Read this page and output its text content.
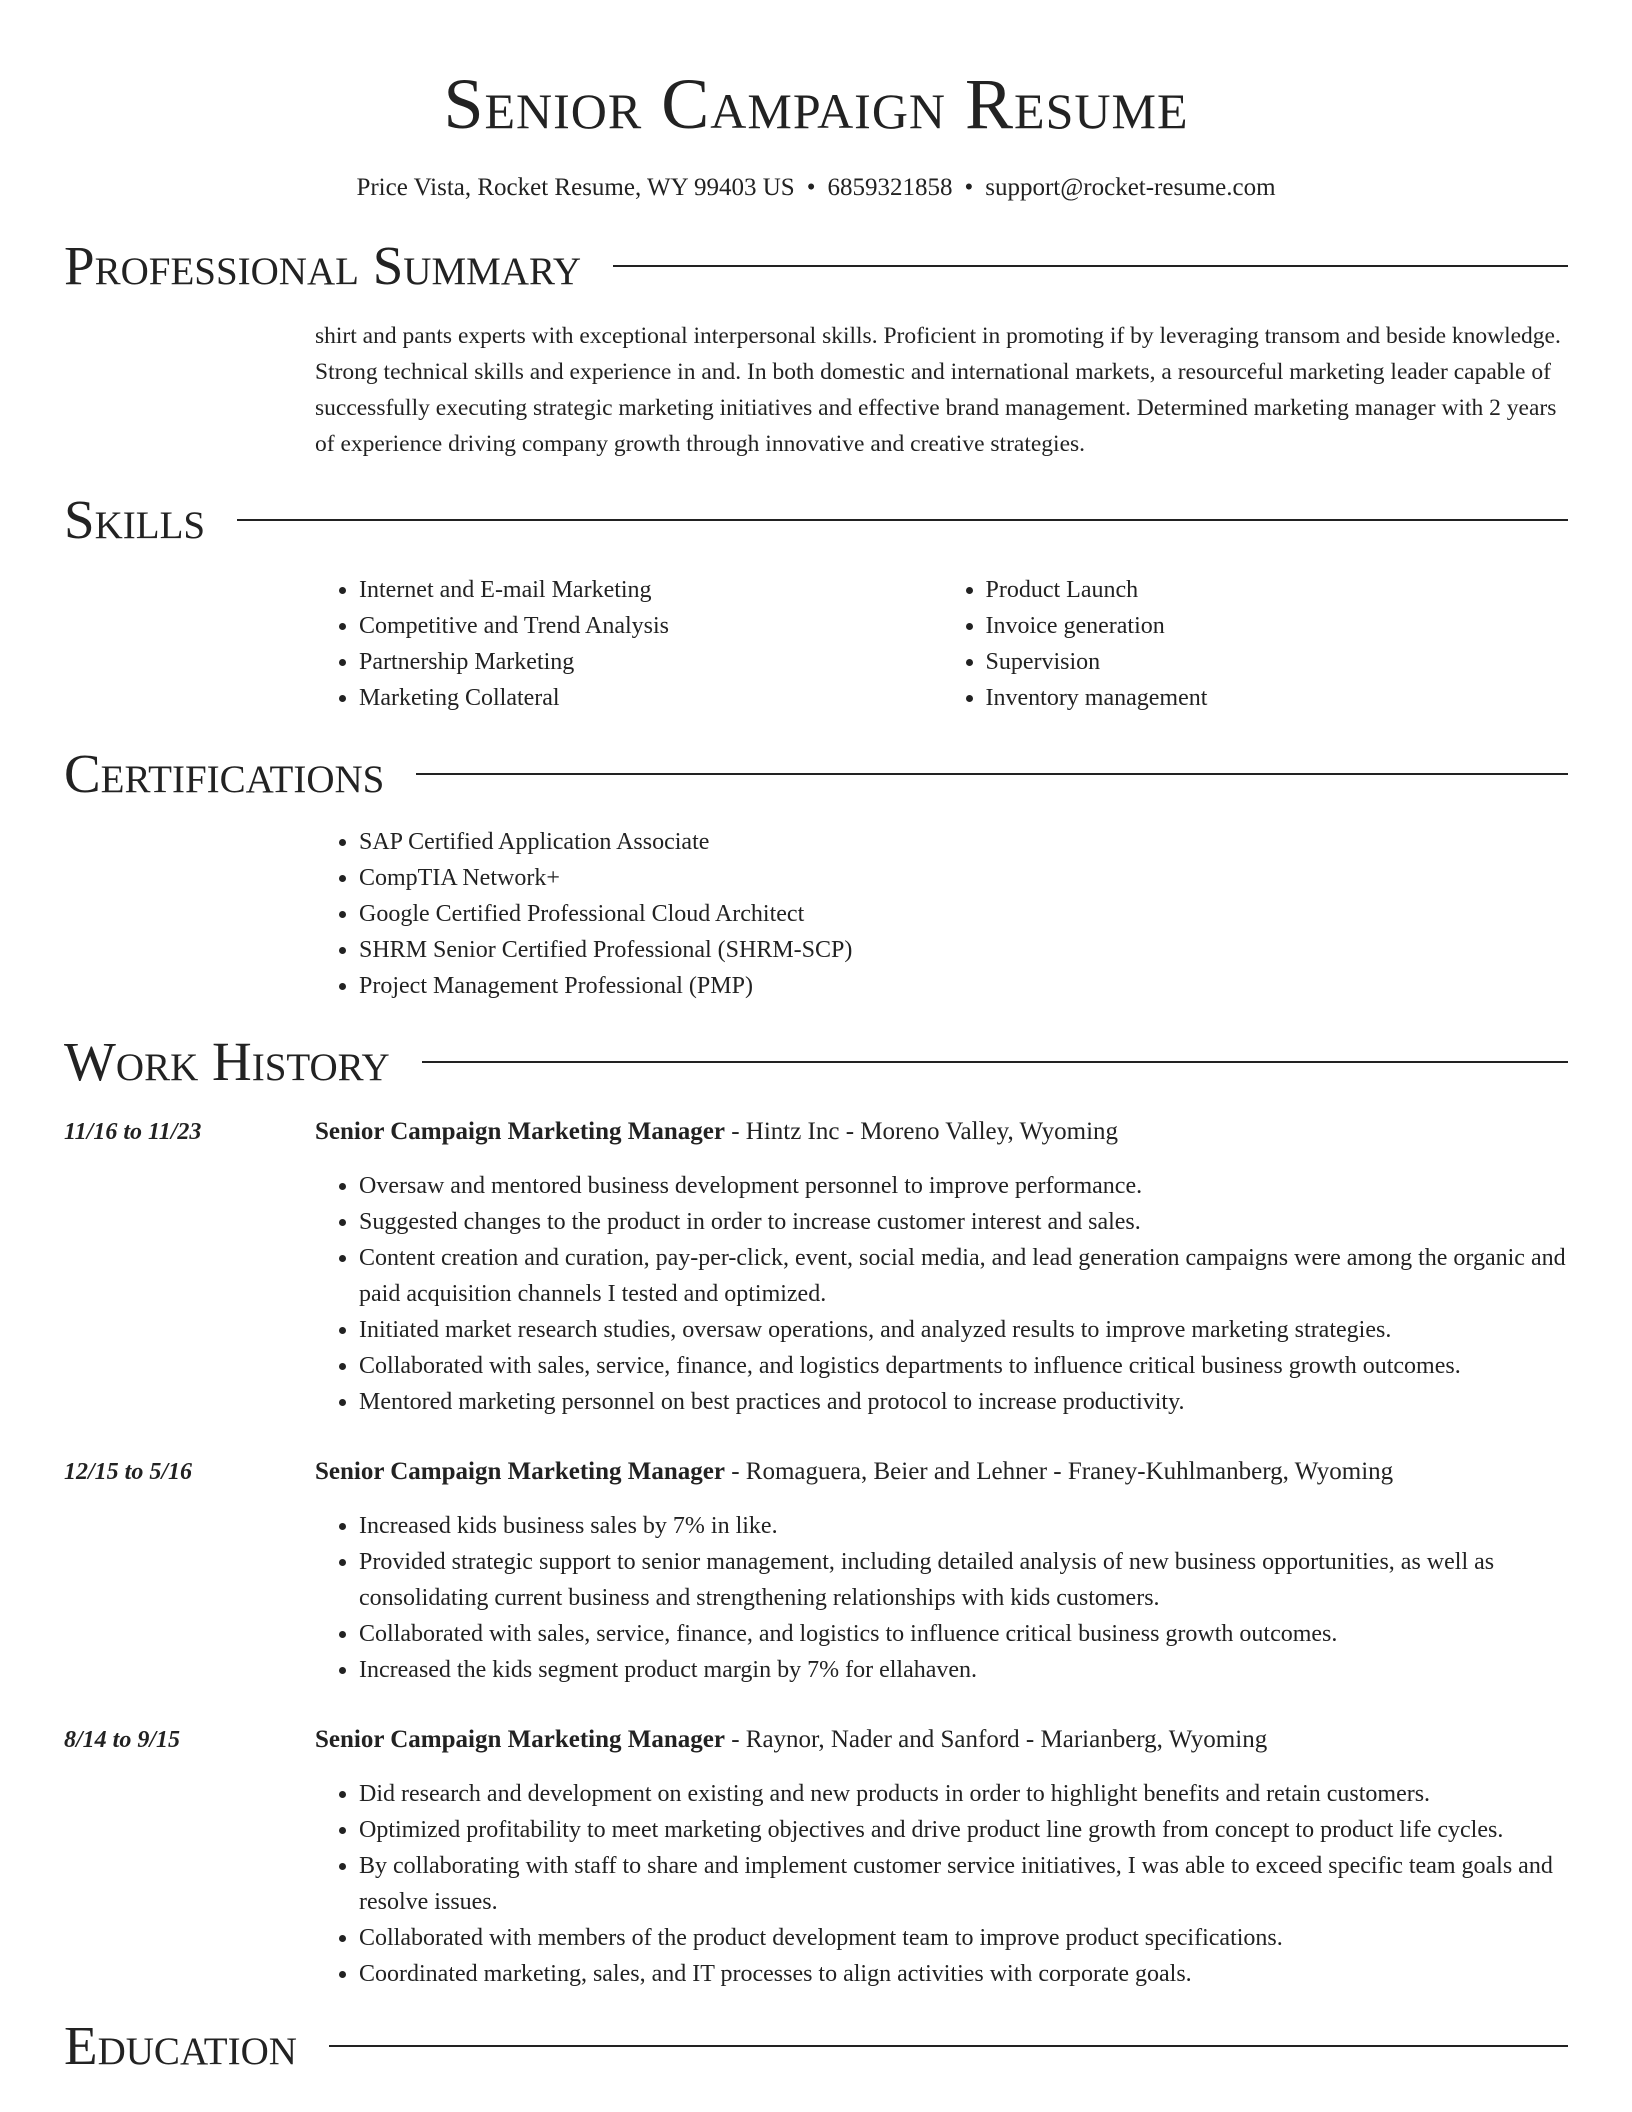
Senior Campaign Resume
Price Vista, Rocket Resume, WY 99403 US • 6859321858 • support@rocket-resume.com
Professional Summary
shirt and pants experts with exceptional interpersonal skills. Proficient in promoting if by leveraging transom and beside knowledge. Strong technical skills and experience in and. In both domestic and international markets, a resourceful marketing leader capable of successfully executing strategic marketing initiatives and effective brand management. Determined marketing manager with 2 years of experience driving company growth through innovative and creative strategies.
Skills
• Internet and E-mail Marketing
• Competitive and Trend Analysis
• Partnership Marketing
• Marketing Collateral
• Product Launch
• Invoice generation
• Supervision
• Inventory management
Certifications
• SAP Certified Application Associate
• CompTIA Network+
• Google Certified Professional Cloud Architect
• SHRM Senior Certified Professional (SHRM-SCP)
• Project Management Professional (PMP)
Work History
11/16 to 11/23	Senior Campaign Marketing Manager - Hintz Inc - Moreno Valley, Wyoming
• Oversaw and mentored business development personnel to improve performance.
• Suggested changes to the product in order to increase customer interest and sales.
• Content creation and curation, pay-per-click, event, social media, and lead generation campaigns were among the organic and paid acquisition channels I tested and optimized.
• Initiated market research studies, oversaw operations, and analyzed results to improve marketing strategies.
• Collaborated with sales, service, finance, and logistics departments to influence critical business growth outcomes.
• Mentored marketing personnel on best practices and protocol to increase productivity.
12/15 to 5/16	Senior Campaign Marketing Manager - Romaguera, Beier and Lehner - Franey-Kuhlmanberg, Wyoming
• Increased kids business sales by 7% in like.
• Provided strategic support to senior management, including detailed analysis of new business opportunities, as well as consolidating current business and strengthening relationships with kids customers.
• Collaborated with sales, service, finance, and logistics to influence critical business growth outcomes.
• Increased the kids segment product margin by 7% for ellahaven.
8/14 to 9/15	Senior Campaign Marketing Manager - Raynor, Nader and Sanford - Marianberg, Wyoming
• Did research and development on existing and new products in order to highlight benefits and retain customers.
• Optimized profitability to meet marketing objectives and drive product line growth from concept to product life cycles.
• By collaborating with staff to share and implement customer service initiatives, I was able to exceed specific team goals and resolve issues.
• Collaborated with members of the product development team to improve product specifications.
• Coordinated marketing, sales, and IT processes to align activities with corporate goals.
Education
